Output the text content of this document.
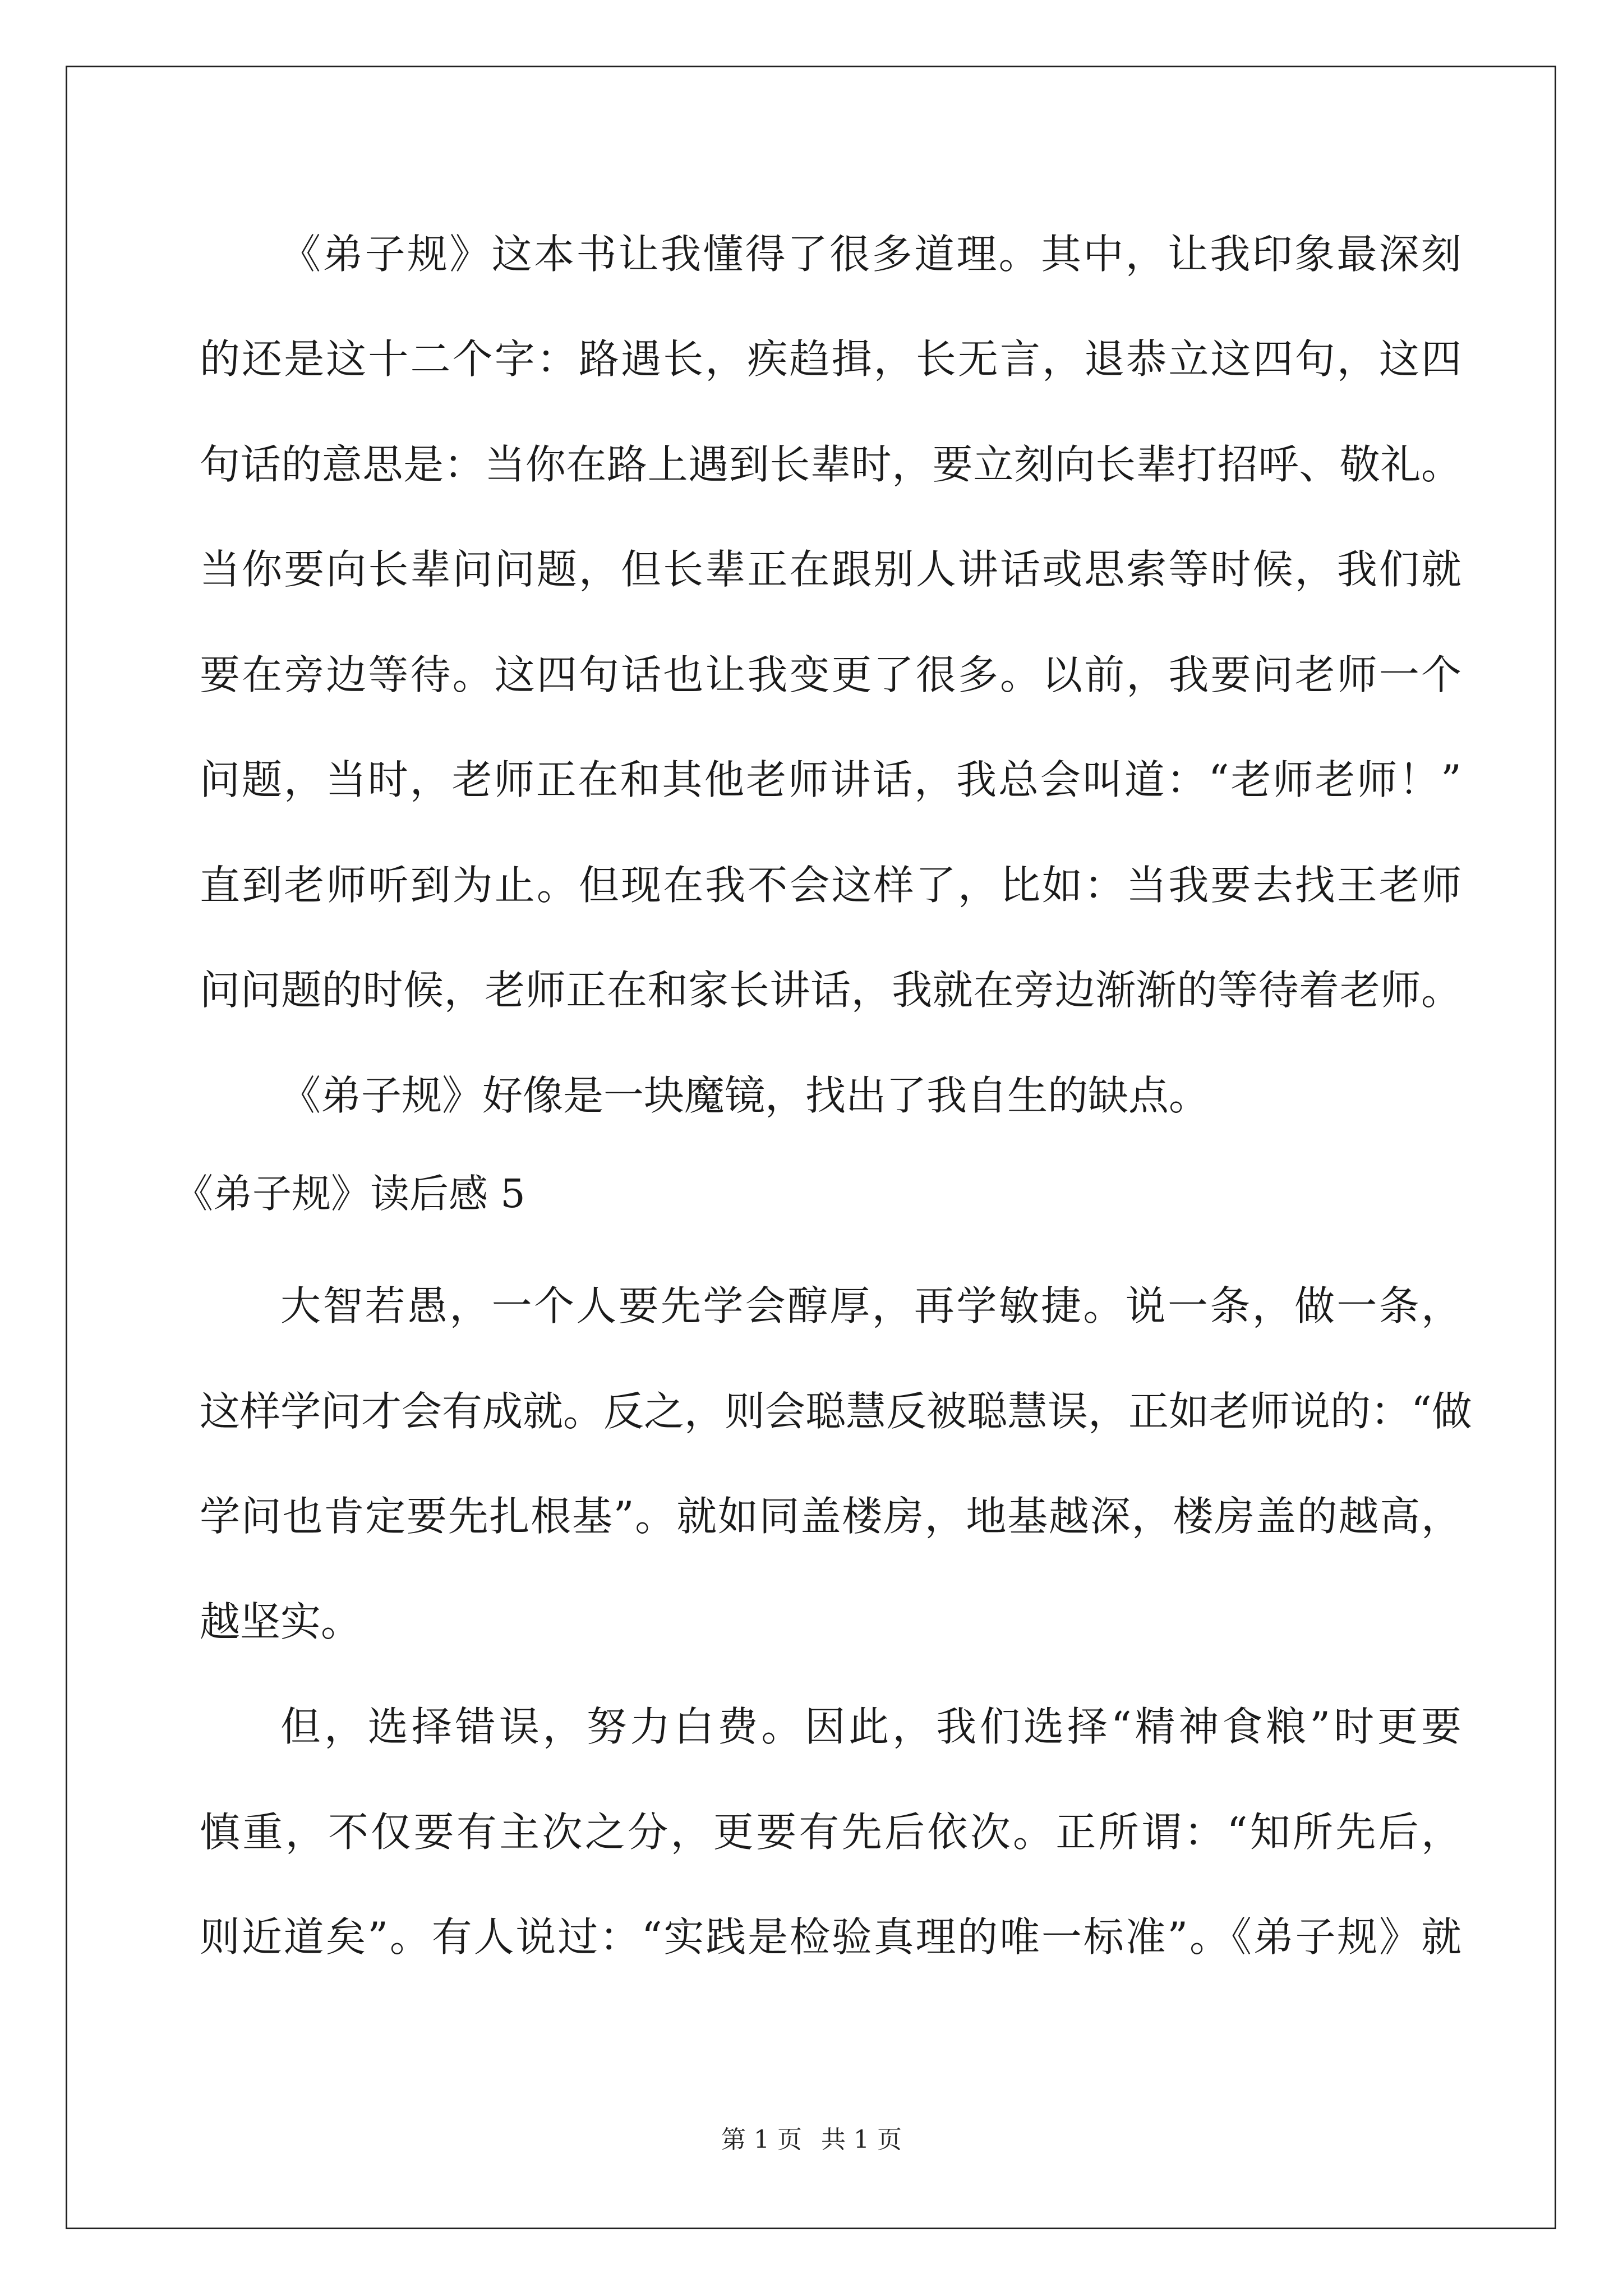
《弟子规》这本书让我懂得了很多道理。其中，让我印象最深刻
的还是这十二个字：路遇长，疾趋揖，长无言，退恭立这四句，这四
句话的意思是：当你在路上遇到长辈时，要立刻向长辈打招呼、敬礼。
当你要向长辈问问题，但长辈正在跟别人讲话或思索等时候，我们就
要在旁边等待。这四句话也让我变更了很多。以前，我要问老师一个
问题，当时，老师正在和其他老师讲话，我总会叫道：“老师老师！”
直到老师听到为止。但现在我不会这样了，比如：当我要去找王老师
问问题的时候，老师正在和家长讲话，我就在旁边渐渐的等待着老师。
《弟子规》好像是一块魔镜，找出了我自生的缺点。
《弟子规》读后感 5
大智若愚，一个人要先学会醇厚，再学敏捷。说一条，做一条，
这样学问才会有成就。反之，则会聪慧反被聪慧误，正如老师说的：“做
学问也肯定要先扎根基”。就如同盖楼房，地基越深，楼房盖的越高，
越坚实。
但，选择错误，努力白费。因此，我们选择“精神食粮”时更要
慎重，不仅要有主次之分，更要有先后依次。正所谓：“知所先后，
则近道矣”。有人说过：“实践是检验真理的唯一标准”。《弟子规》就
第 1 页 共 1 页
